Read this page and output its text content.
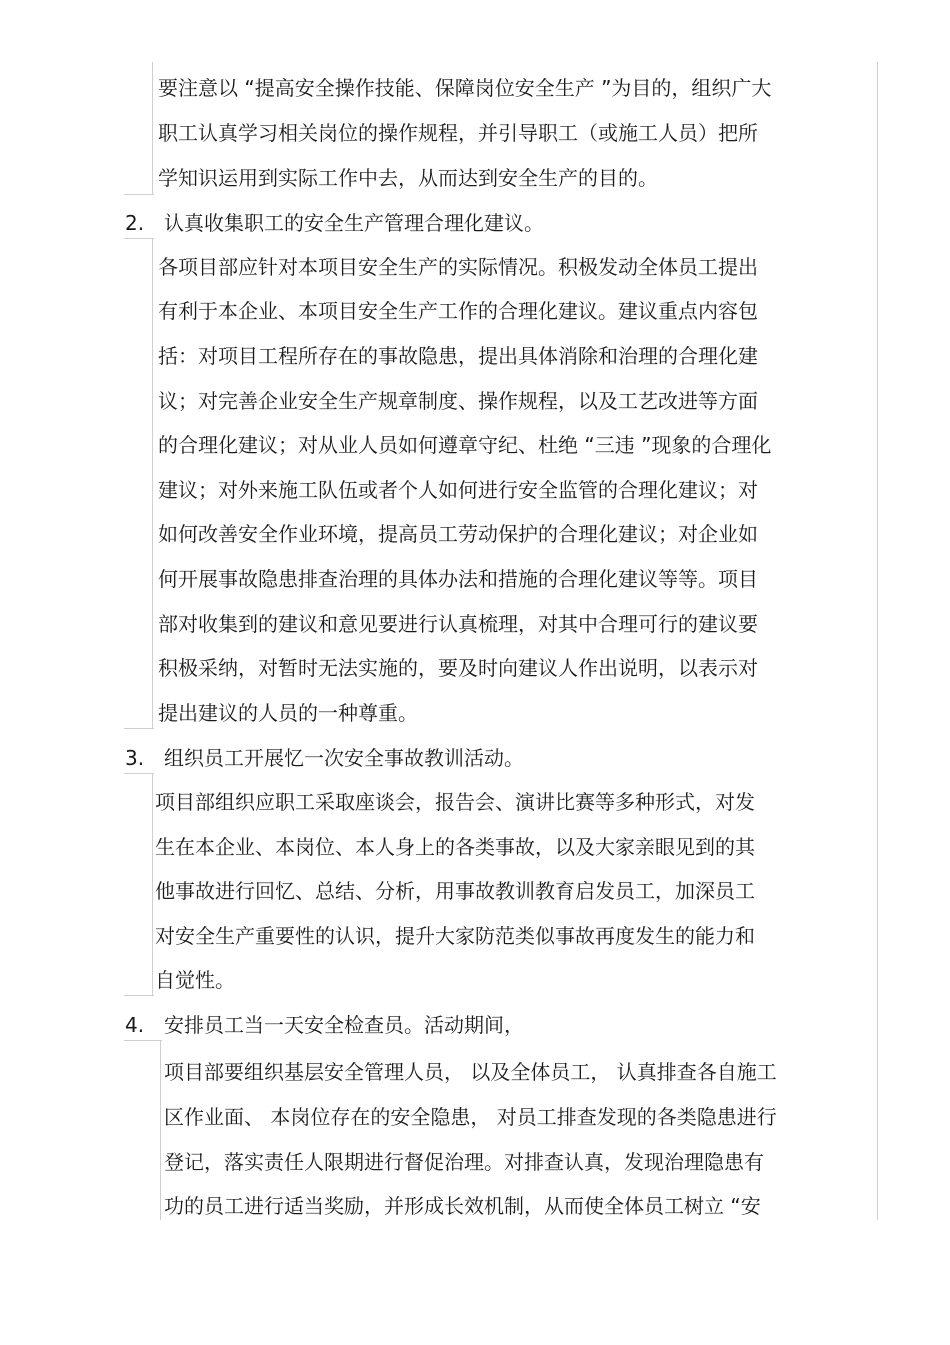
要注意以 “提高安全操作技能、保障岗位安全生产 ”为目的，组织广大
职工认真学习相关岗位的操作规程，并引导职工（或施工人员）把所
学知识运用到实际工作中去，从而达到安全生产的目的。
2. 认真收集职工的安全生产管理合理化建议。
各项目部应针对本项目安全生产的实际情况。积极发动全体员工提出
有利于本企业、本项目安全生产工作的合理化建议。建议重点内容包
括：对项目工程所存在的事故隐患，提出具体消除和治理的合理化建
议；对完善企业安全生产规章制度、操作规程，以及工艺改进等方面
的合理化建议；对从业人员如何遵章守纪、杜绝 “三违 ”现象的合理化
建议；对外来施工队伍或者个人如何进行安全监管的合理化建议；对
如何改善安全作业环境，提高员工劳动保护的合理化建议；对企业如
何开展事故隐患排查治理的具体办法和措施的合理化建议等等。项目
部对收集到的建议和意见要进行认真梳理，对其中合理可行的建议要
积极采纳，对暂时无法实施的，要及时向建议人作出说明，以表示对
提出建议的人员的一种尊重。
3. 组织员工开展忆一次安全事故教训活动。
项目部组织应职工采取座谈会，报告会、演讲比赛等多种形式，对发
生在本企业、本岗位、本人身上的各类事故，以及大家亲眼见到的其
他事故进行回忆、总结、分析，用事故教训教育启发员工，加深员工
对安全生产重要性的认识，提升大家防范类似事故再度发生的能力和
自觉性。
4. 安排员工当一天安全检查员。活动期间，
项目部要组织基层安全管理人员， 以及全体员工， 认真排查各自施工
区作业面、 本岗位存在的安全隐患， 对员工排查发现的各类隐患进行
登记，落实责任人限期进行督促治理。对排查认真，发现治理隐患有
功的员工进行适当奖励，并形成长效机制，从而使全体员工树立 “安
